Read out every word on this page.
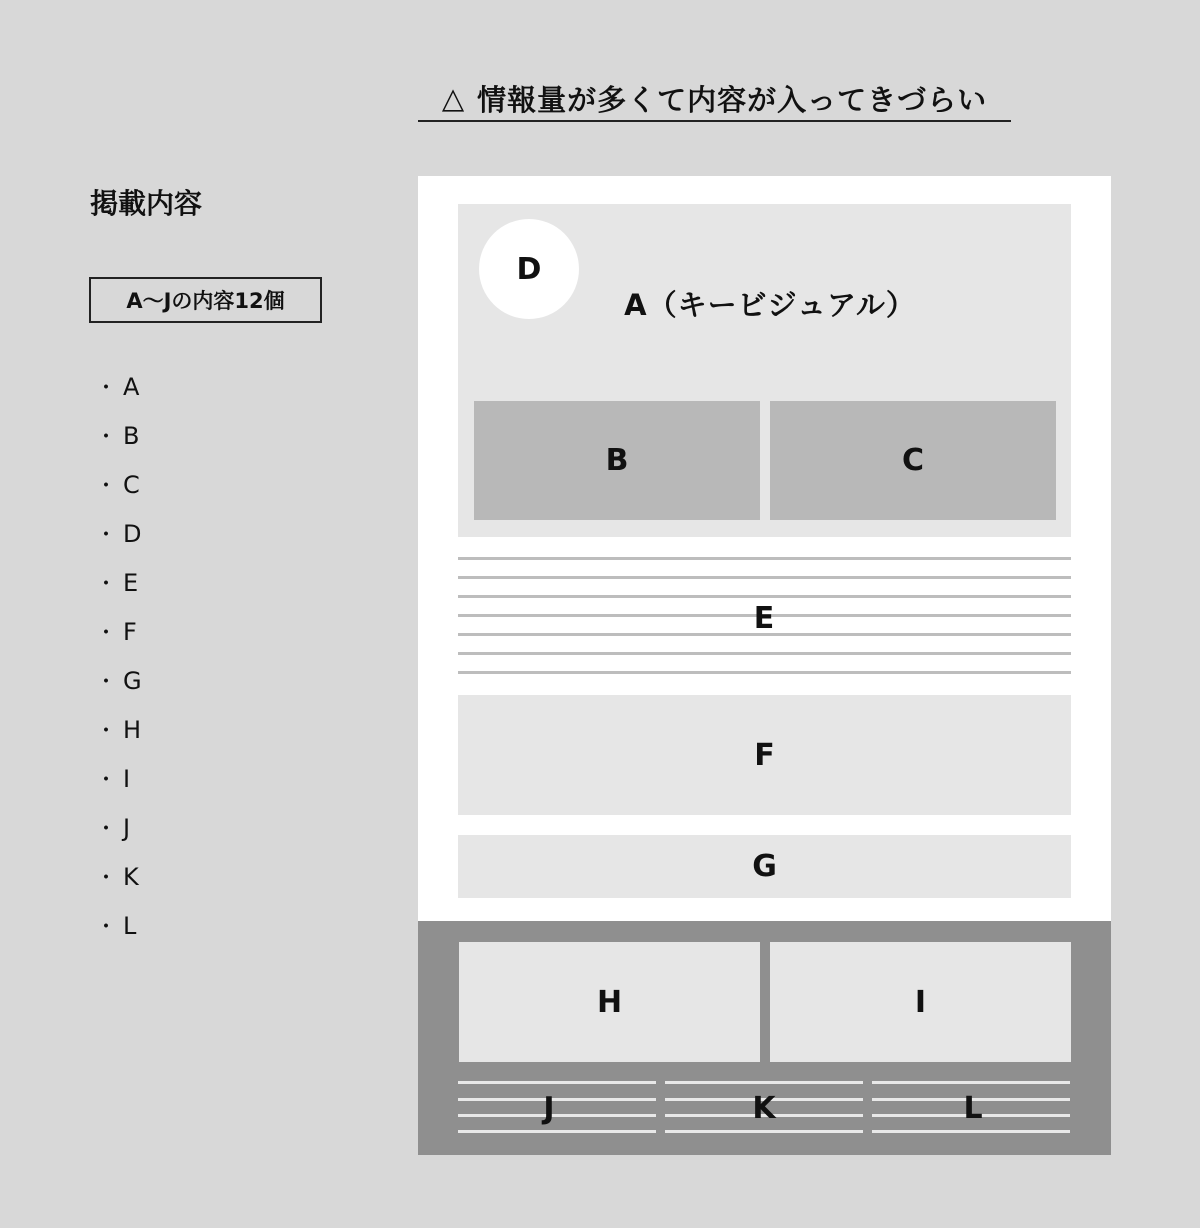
△ 情報量が多くて内容が入ってきづらい
掲載内容
A〜Jの内容12個
・ A
・ B
・ C
・ D
・ E
・ F
・ G
・ H
・ I
・ J
・ K
・ L
D
A（キービジュアル）
B	C
E
F
G
H	I
J	K	L
